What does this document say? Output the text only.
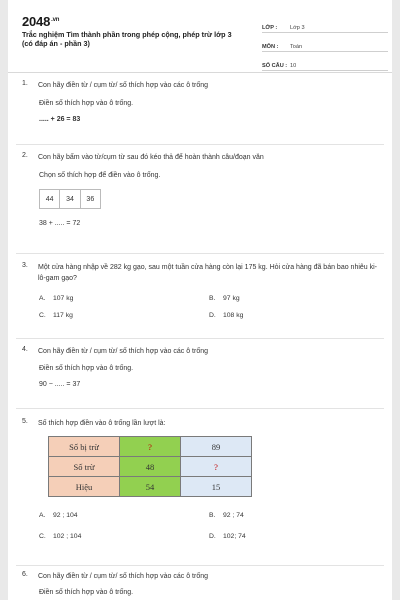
$2048^{.vn}$
Trắc nghiệm Tìm thành phần trong phép cộng, phép trừ lớp 3 (có đáp án - phần 3)
LỚP :	Lớp 3
MÔN :	Toán
SỐ CÂU : 10
1.	Con hãy điền từ / cụm từ/ số thích hợp vào các ô trống
Điền số thích hợp vào ô trống.
..... + 26 = 83
2.	Con hãy bấm vào từ/cụm từ sau đó kéo thả để hoàn thành câu/đoạn văn
Chọn số thích hợp để điền vào ô trống.
44	34	36
38 + ..... = 72
3.	Một cửa hàng nhập về 282 kg gạo, sau một tuần cửa hàng còn lại 175 kg. Hỏi cửa hàng đã bán bao nhiêu ki-lô-gam gạo?
A.	107 kg	B.	97 kg
C.	117 kg	D.	108 kg
4.	Con hãy điền từ / cụm từ/ số thích hợp vào các ô trống
Điền số thích hợp vào ô trống.
90 − ..... = 37
5.	Số thích hợp điền vào ô trống lần lượt là:
Số bị trừ	?	89
Số trừ	48	?
Hiệu	54	15
A.	92 ; 104	B.	92 ; 74
C.	102 ; 104	D.	102; 74
6.	Con hãy điền từ / cụm từ/ số thích hợp vào các ô trống
Điền số thích hợp vào ô trống.
